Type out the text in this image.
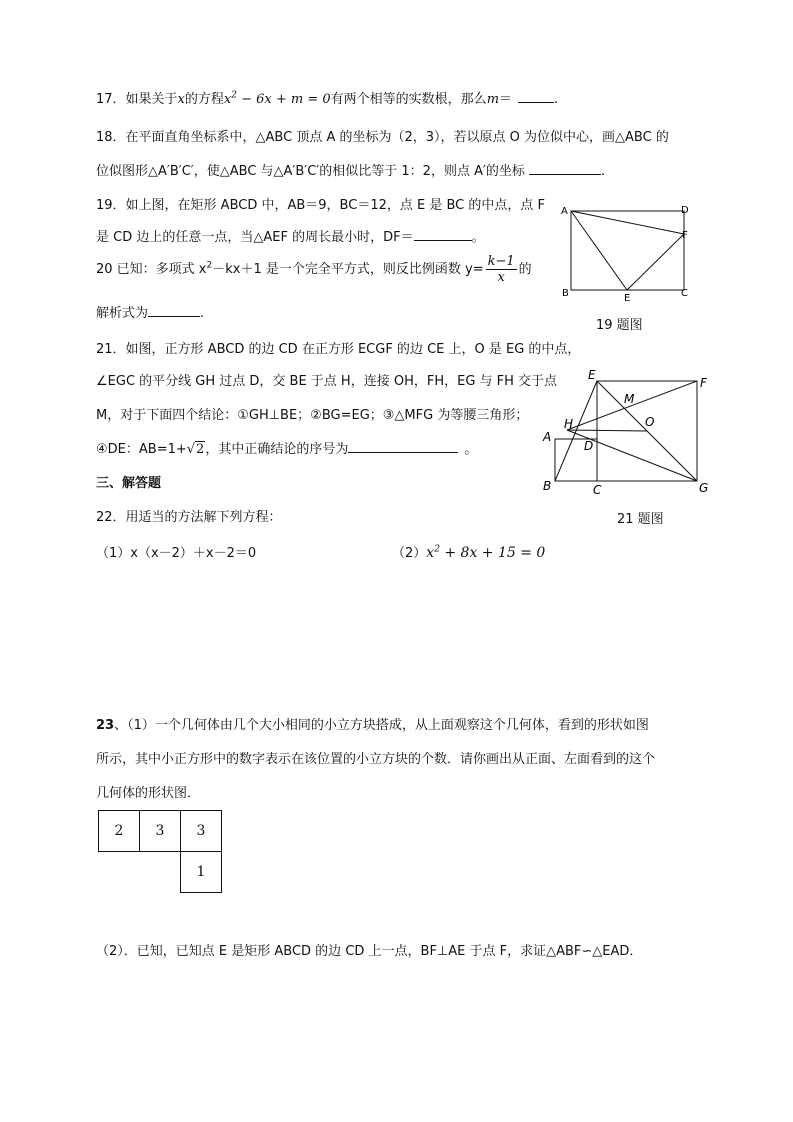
17．如果关于x的方程$x^2 - 6x + m = 0$有两个相等的实数根，那么m＝	.
18．在平面直角坐标系中，△ABC 顶点 A 的坐标为（2，3），若以原点 O 为位似中心，画△ABC 的
位似图形△A′B′C′，使△ABC 与△A′B′C′的相似比等于 1：2，则点 A′的坐标	.
19．如上图，在矩形 ABCD 中，AB＝9，BC＝12，点 E 是 BC 的中点，点 F
是 CD 边上的任意一点，当△AEF 的周长最小时，DF＝	。
20 已知：多项式 $x^2-kx+1$ 是一个完全平方式，则反比例函数 $y= \frac{k-1}{x}$ 的
解析式为	.
A	D
F
B	E	C
19 题图
21．如图，正方形 ABCD 的边 CD 在正方形 ECGF 的边 CE 上，O 是 EG 的中点，
∠EGC 的平分线 GH 过点 D，交 BE 于点 H，连接 OH，FH，EG 与 FH 交于点
M，对于下面四个结论：①GH⊥BE；②BG=EG；③△MFG 为等腰三角形；
④DE：AB=1+√2，其中正确结论的序号为	。
A
B	C
D
E
F
G
H
M
O
21 题图
三、解答题
22．用适当的方法解下列方程：
（1）x（x－2）＋x－2＝0	$(2)x^2 + 8x + 15 = 0$
23、（1）一个几何体由几个大小相同的小立方块搭成，从上面观察这个几何体，看到的形状如图
所示，其中小正方形中的数字表示在该位置的小立方块的个数．请你画出从正面、左面看到的这个
几何体的形状图．
2	3	3
		1
（2）．已知，已知点 E 是矩形 ABCD 的边 CD 上一点，BF⊥AE 于点 F，求证△ABF∽△EAD．
